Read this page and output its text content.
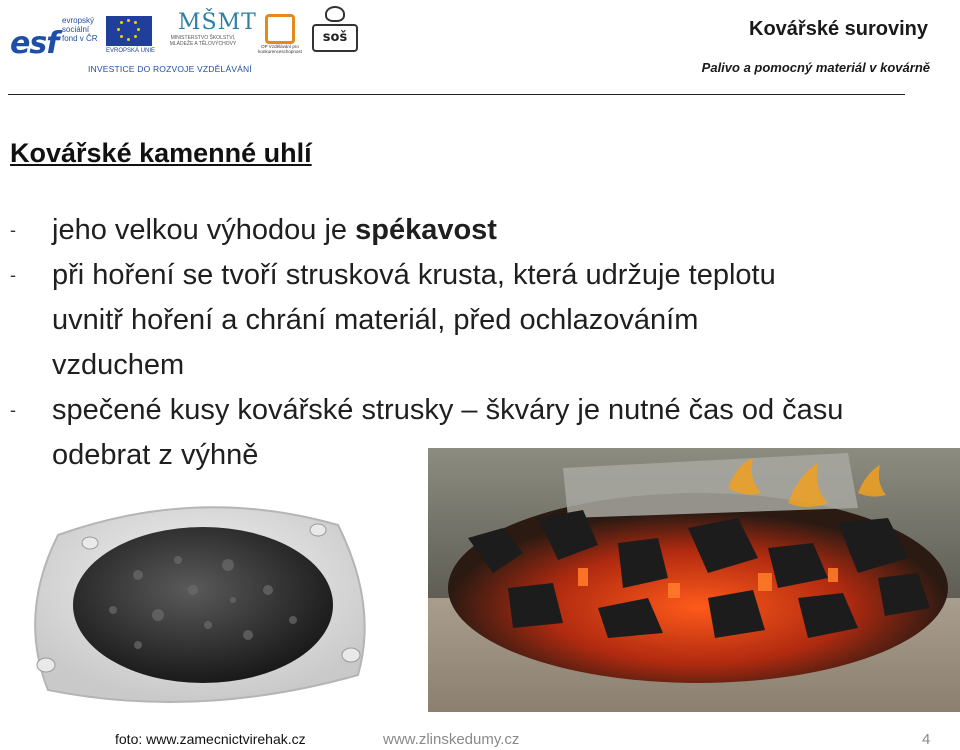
esf
evropský sociální fond v ČR
EVROPSKÁ UNIE
MŠMT
MINISTERSTVO ŠKOLSTVÍ, MLÁDEŽE A TĚLOVÝCHOVY	OP Vzdělávání pro konkurenceschopnost
soš
INVESTICE DO ROZVOJE VZDĚLÁVÁNÍ
Kovářské suroviny
Palivo a pomocný materiál v kovárně
Kovářské kamenné uhlí
- jeho velkou výhodou je spékavost
- při hoření se tvoří strusková krusta, která udržuje teplotu uvnitř hoření a chrání materiál, před ochlazováním vzduchem
- spečené kusy kovářské strusky – škváry je nutné čas od času odebrat z výhně
foto: www.zamecnictvirehak.cz	www.zlinskedumy.cz	4
